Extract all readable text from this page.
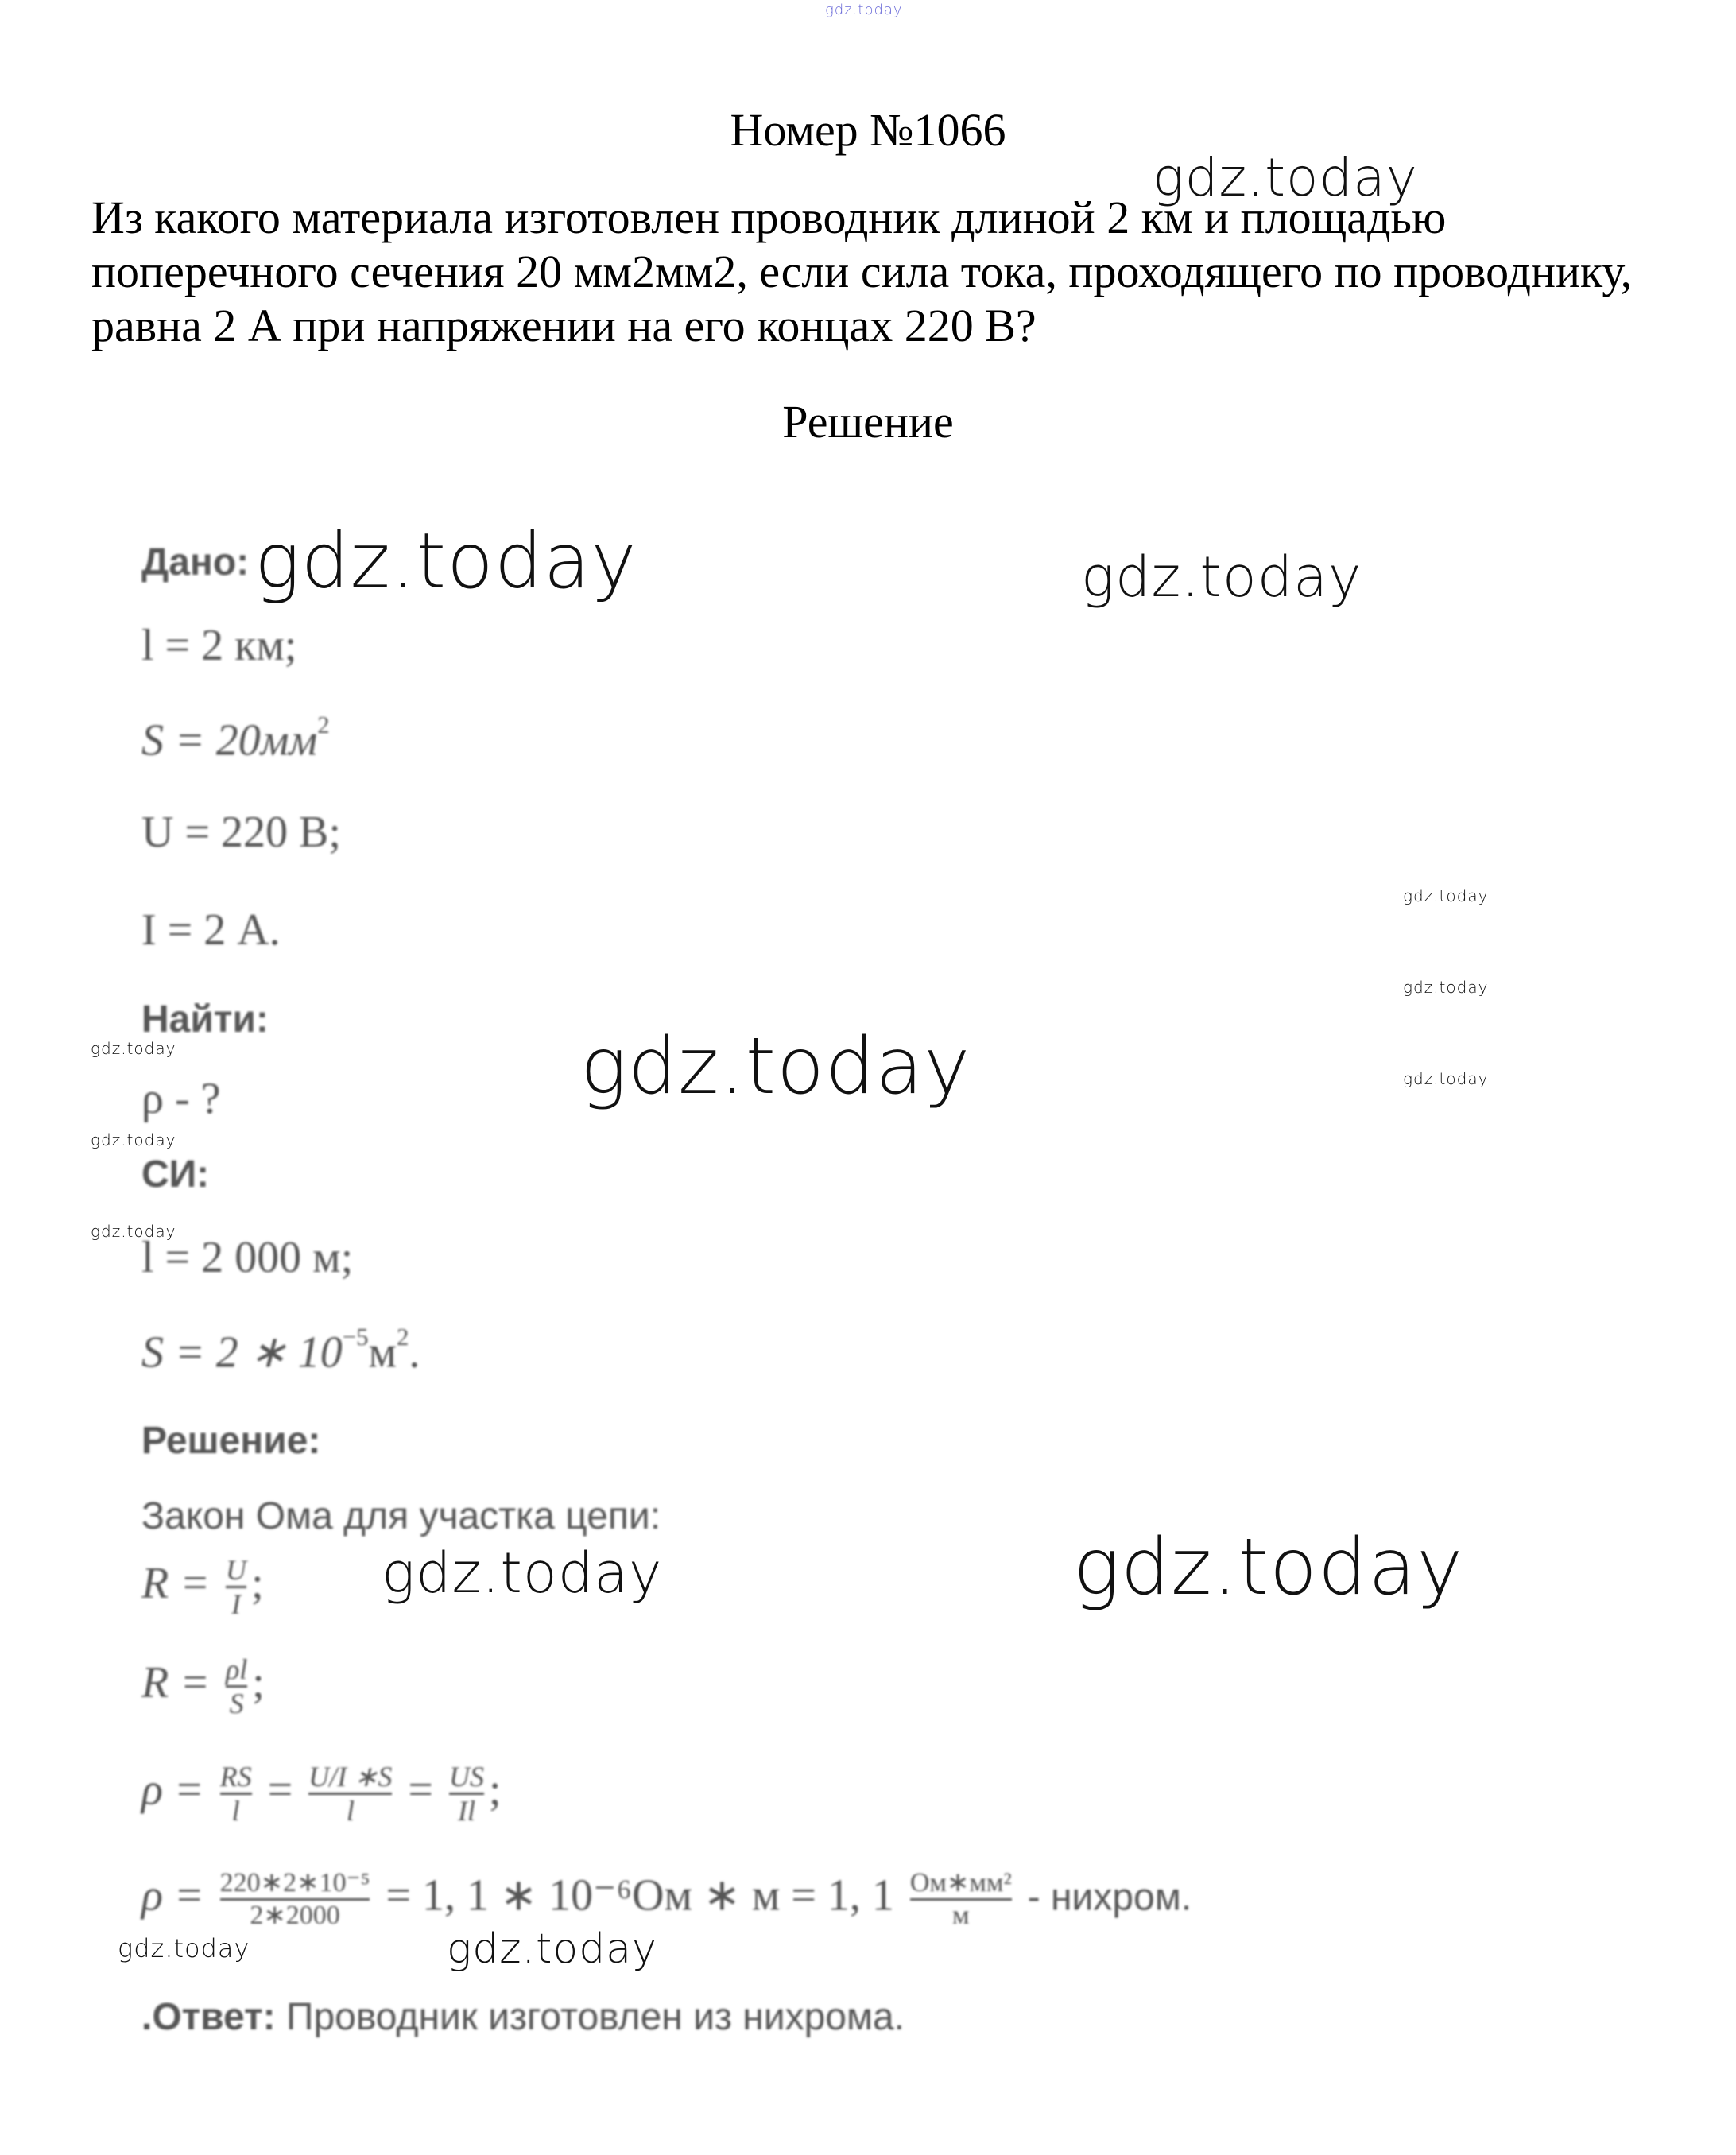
gdz.today
Номер №1066
Из какого материала изготовлен проводник длиной 2 км и площадью поперечного сечения 20 мм2мм2, если сила тока, проходящего по проводнику, равна 2 А при напряжении на его концах 220 В?
Решение
Дано:
l = 2 км;
$S = 20мм^2$
U = 220 В;
I = 2 А.
Найти:
ρ - ?
СИ:
l = 2 000 м;
S = 2 ∗ $10^{-5}м^2$.
Решение:
Закон Ома для участка цепи:
$R = \frac{U}{I}$ ;
$R = \frac{\rho l}{S}$ ;
$\rho = \frac{RS}{l} = \frac{U/I ∗S}{l} = \frac{US}{Il}$ ;
$\rho = \frac{\text{220∗2∗10⁻⁵}}{2∗2000} = 1$, 1 ∗ 10⁻⁶Ом ∗ м = 1, $1 \frac{\text{Ом∗мм²}}{м}$ - нихром.
.Ответ: Проводник изготовлен из нихрома.
gdz.today
gdz.today	gdz.today
gdz.today
gdz.today
gdz.today	gdz.today	gdz.today
gdz.today
gdz.today
gdz.today	gdz.today
gdz.today	gdz.today
